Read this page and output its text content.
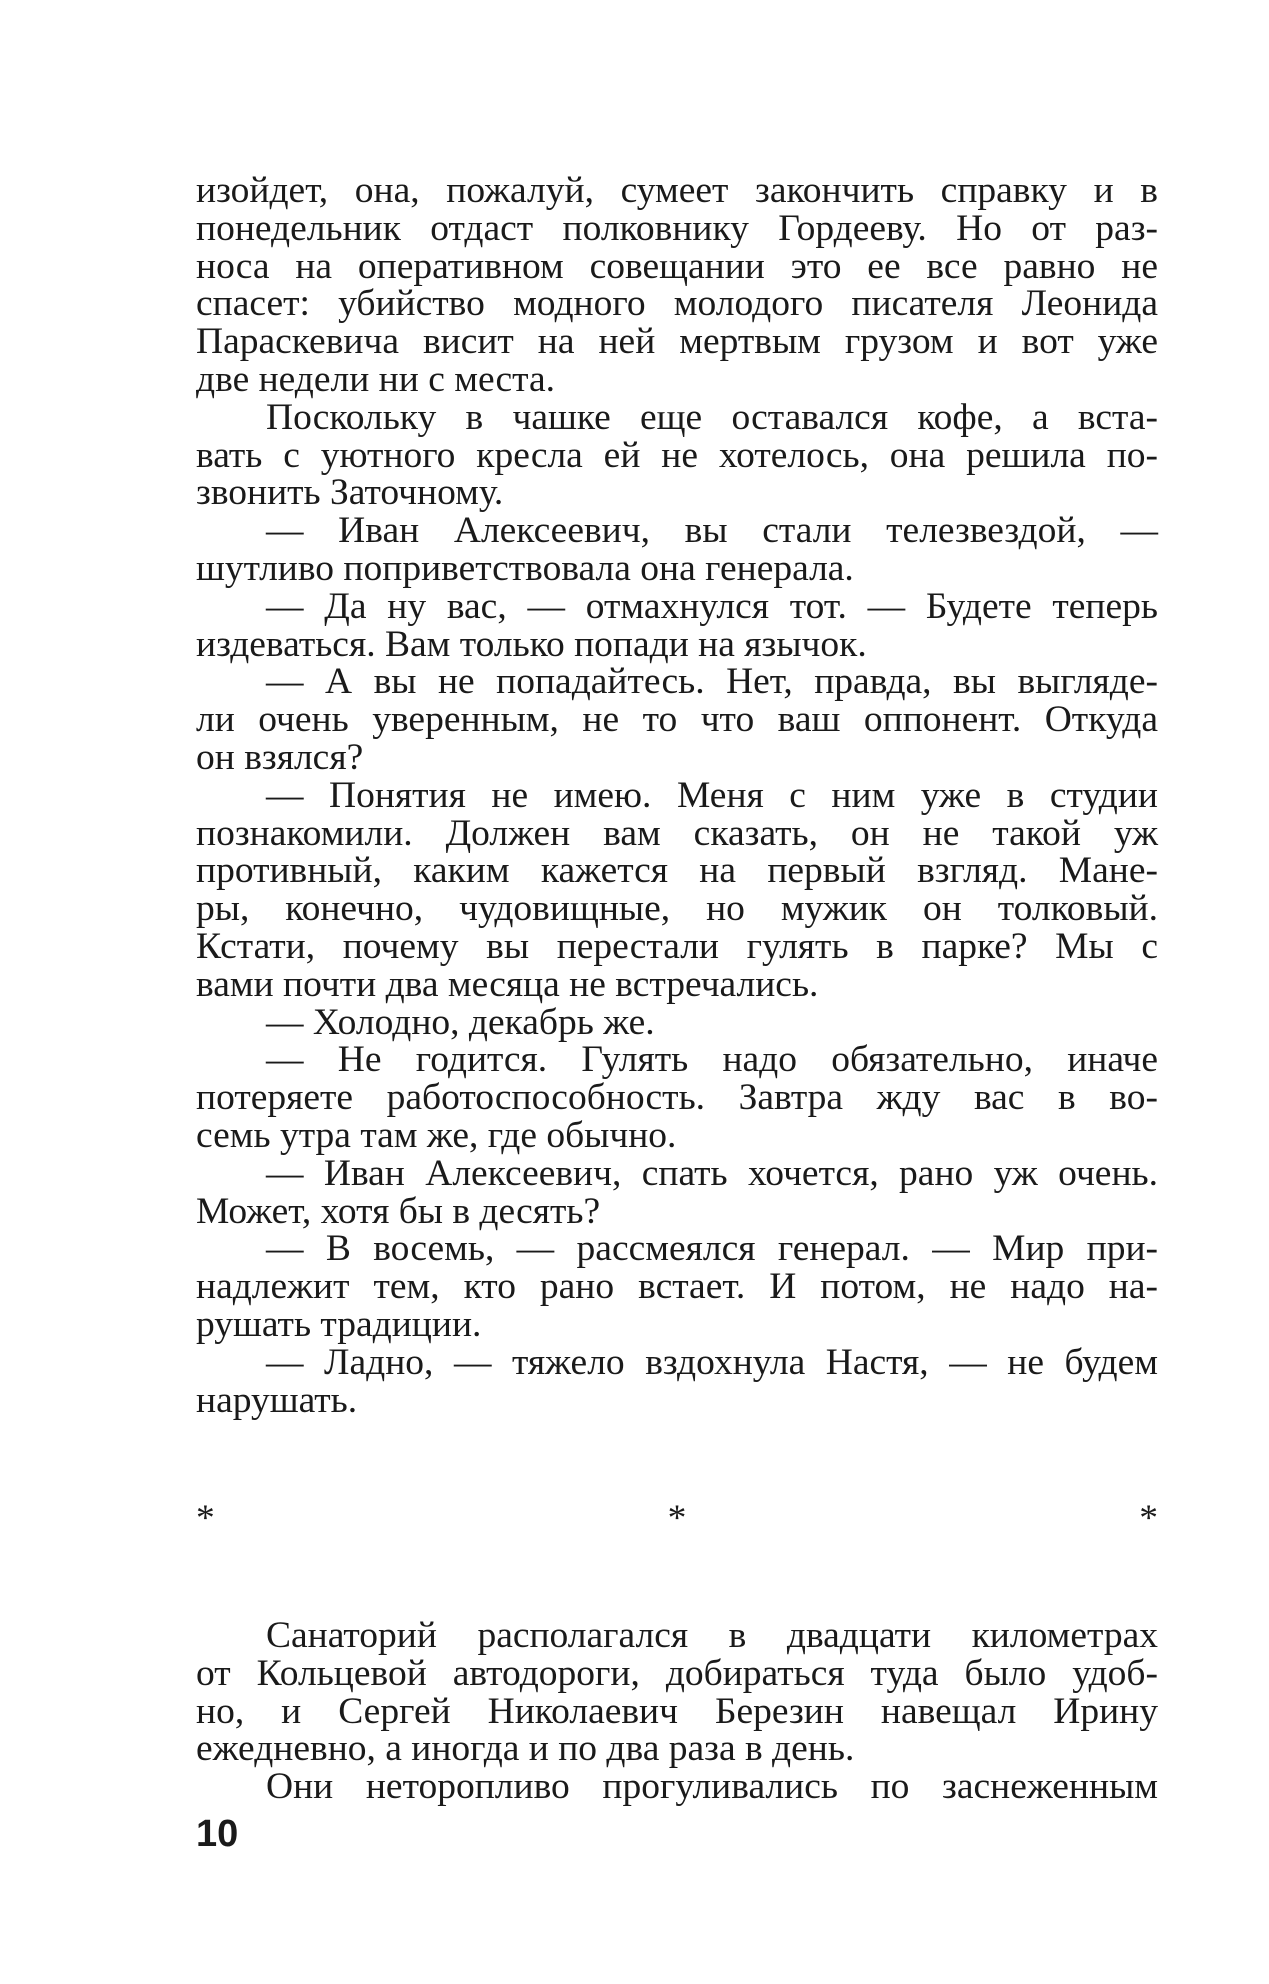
изойдет, она, пожалуй, сумеет закончить справку и в

понедельник отдаст полковнику Гордееву. Но от раз-

носа на оперативном совещании это ее все равно не

спасет: убийство модного молодого писателя Леонида

Параскевича висит на ней мертвым грузом и вот уже

две недели ни с места.

Поскольку в чашке еще оставался кофе, а вста-

вать с уютного кресла ей не хотелось, она решила по-

звонить Заточному.

— Иван Алексеевич, вы стали телезвездой, —

шутливо поприветствовала она генерала.

— Да ну вас, — отмахнулся тот. — Будете теперь

издеваться. Вам только попади на язычок.

— А вы не попадайтесь. Нет, правда, вы выгляде-

ли очень уверенным, не то что ваш оппонент. Откуда

он взялся?

— Понятия не имею. Меня с ним уже в студии

познакомили. Должен вам сказать, он не такой уж

противный, каким кажется на первый взгляд. Мане-

ры, конечно, чудовищные, но мужик он толковый.

Кстати, почему вы перестали гулять в парке? Мы с

вами почти два месяца не встречались.

— Холодно, декабрь же.

— Не годится. Гулять надо обязательно, иначе

потеряете работоспособность. Завтра жду вас в во-

семь утра там же, где обычно.

— Иван Алексеевич, спать хочется, рано уж очень.

Может, хотя бы в десять?

— В восемь, — рассмеялся генерал. — Мир при-

надлежит тем, кто рано встает. И потом, не надо на-

рушать традиции.

— Ладно, — тяжело вздохнула Настя, — не будем

нарушать.

* * *

Санаторий располагался в двадцати километрах

от Кольцевой автодороги, добираться туда было удоб-

но, и Сергей Николаевич Березин навещал Ирину

ежедневно, а иногда и по два раза в день.

Они неторопливо прогуливались по заснеженным

10
